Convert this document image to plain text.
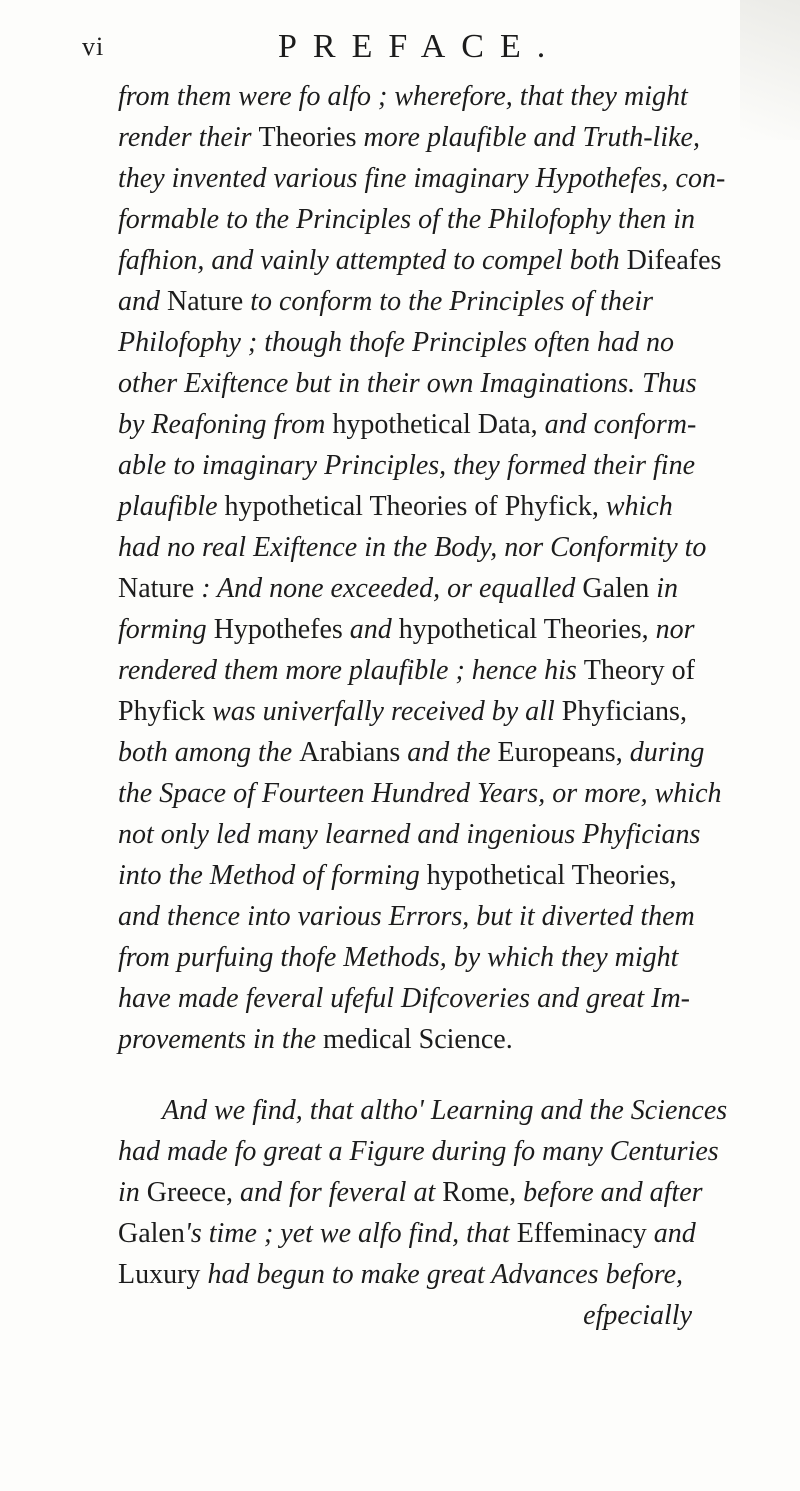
vi	PREFACE.
from them were fo alfo ; wherefore, that they might
render their Theories more plaufible and Truth-like,
they invented various fine imaginary Hypothefes, con-
formable to the Principles of the Philofophy then in
fafhion, and vainly attempted to compel both Difeafes
and Nature to conform to the Principles of their
Philofophy ; though thofe Principles often had no
other Exiftence but in their own Imaginations. Thus
by Reafoning from hypothetical Data, and conform-
able to imaginary Principles, they formed their fine
plaufible hypothetical Theories of Phyfick, which
had no real Exiftence in the Body, nor Conformity to
Nature : And none exceeded, or equalled Galen in
forming Hypothefes and hypothetical Theories, nor
rendered them more plaufible ; hence his Theory of
Phyfick was univerfally received by all Phyficians,
both among the Arabians and the Europeans, during
the Space of Fourteen Hundred Years, or more, which
not only led many learned and ingenious Phyficians
into the Method of forming hypothetical Theories,
and thence into various Errors, but it diverted them
from purfuing thofe Methods, by which they might
have made feveral ufeful Difcoveries and great Im-
provements in the medical Science.
And we find, that altho' Learning and the Sciences
had made fo great a Figure during fo many Centuries
in Greece, and for feveral at Rome, before and after
Galen's time ; yet we alfo find, that Effeminacy and
Luxury had begun to make great Advances before,
efpecially
